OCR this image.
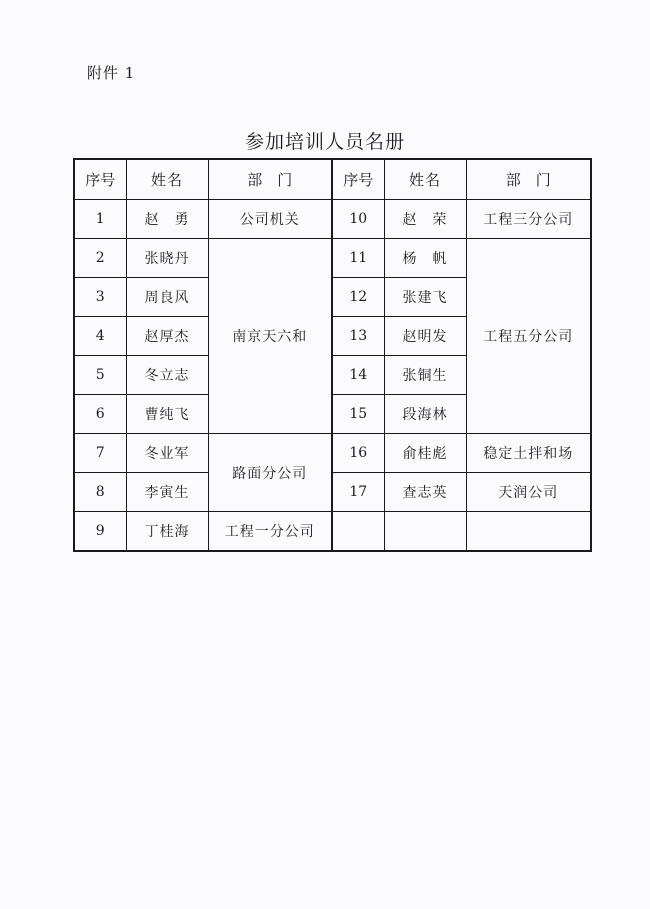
附件 1
参加培训人员名册
序号	姓名	部　门	序号	姓名	部　门
1	赵　勇	公司机关	10	赵　荣	工程三分公司
2	张晓丹	南京天六和	11	杨　帆	工程五分公司
3	周良风		12	张建飞	
4	赵厚杰		13	赵明发	
5	冬立志		14	张铜生	
6	曹纯飞		15	段海林	
7	冬业军	路面分公司	16	俞桂彪	稳定土拌和场
8	李寅生		17	查志英	天润公司
9	丁桂海	工程一分公司			
